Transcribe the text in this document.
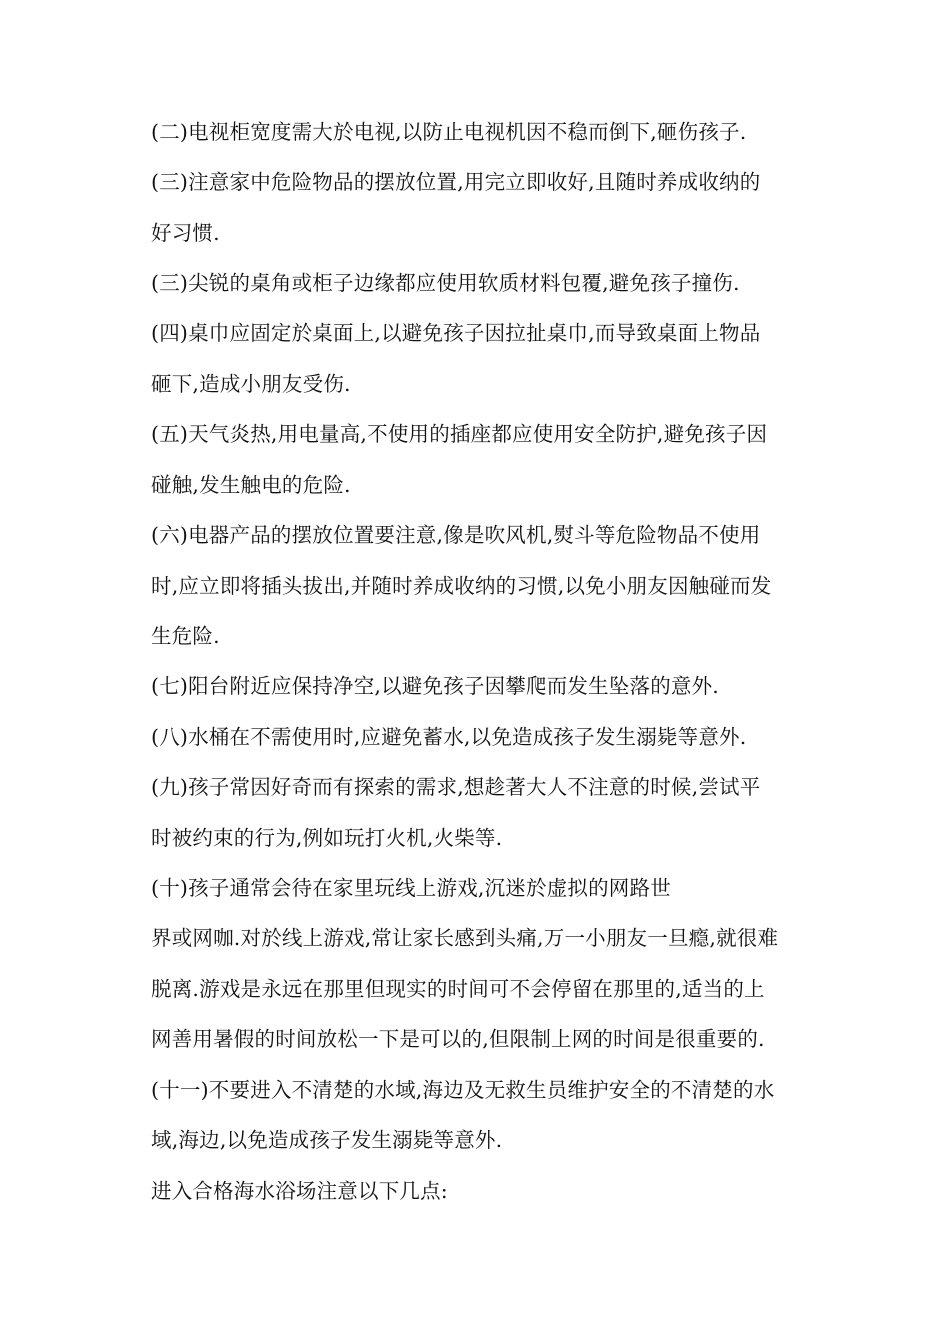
(二)电视柜宽度需大於电视,以防止电视机因不稳而倒下,砸伤孩子.
(三)注意家中危险物品的摆放位置,用完立即收好,且随时养成收纳的
好习惯.
(三)尖锐的桌角或柜子边缘都应使用软质材料包覆,避免孩子撞伤.
(四)桌巾应固定於桌面上,以避免孩子因拉扯桌巾,而导致桌面上物品
砸下,造成小朋友受伤.
(五)天气炎热,用电量高,不使用的插座都应使用安全防护,避免孩子因
碰触,发生触电的危险.
(六)电器产品的摆放位置要注意,像是吹风机,熨斗等危险物品不使用
时,应立即将插头拔出,并随时养成收纳的习惯,以免小朋友因触碰而发
生危险.
(七)阳台附近应保持净空,以避免孩子因攀爬而发生坠落的意外.
(八)水桶在不需使用时,应避免蓄水,以免造成孩子发生溺毙等意外.
(九)孩子常因好奇而有探索的需求,想趁著大人不注意的时候,尝试平
时被约束的行为,例如玩打火机,火柴等.
(十)孩子通常会待在家里玩线上游戏,沉迷於虚拟的网路世
界或网咖.对於线上游戏,常让家长感到头痛,万一小朋友一旦瘾,就很难
脱离.游戏是永远在那里但现实的时间可不会停留在那里的,适当的上
网善用暑假的时间放松一下是可以的,但限制上网的时间是很重要的.
(十一)不要进入不清楚的水域,海边及无救生员维护安全的不清楚的水
域,海边,以免造成孩子发生溺毙等意外.
进入合格海水浴场注意以下几点:
